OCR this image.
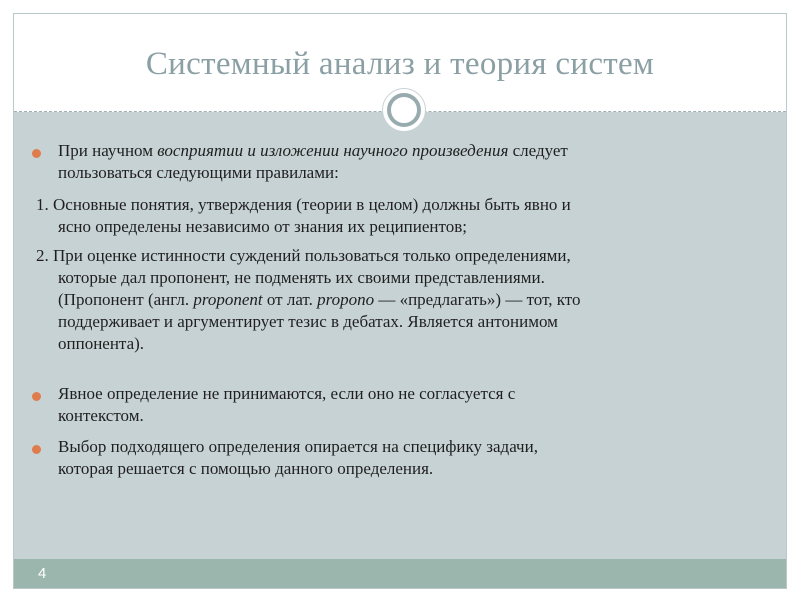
Системный анализ и теория систем
При научном восприятии и изложении научного произведения следует
пользоваться следующими правилами:
1. Основные понятия, утверждения (теории в целом) должны быть явно и
ясно определены независимо от знания их реципиентов;
2. При оценке истинности суждений пользоваться только определениями,
которые дал пропонент, не подменять их своими представлениями.
(Пропонент (англ. proponent от лат. propono — «предлагать») — тот, кто
поддерживает и аргументирует тезис в дебатах. Является антонимом
оппонента).
Явное определение не принимаются, если оно не согласуется с
контекстом.
Выбор подходящего определения опирается на специфику задачи,
которая решается с помощью данного определения.
4
